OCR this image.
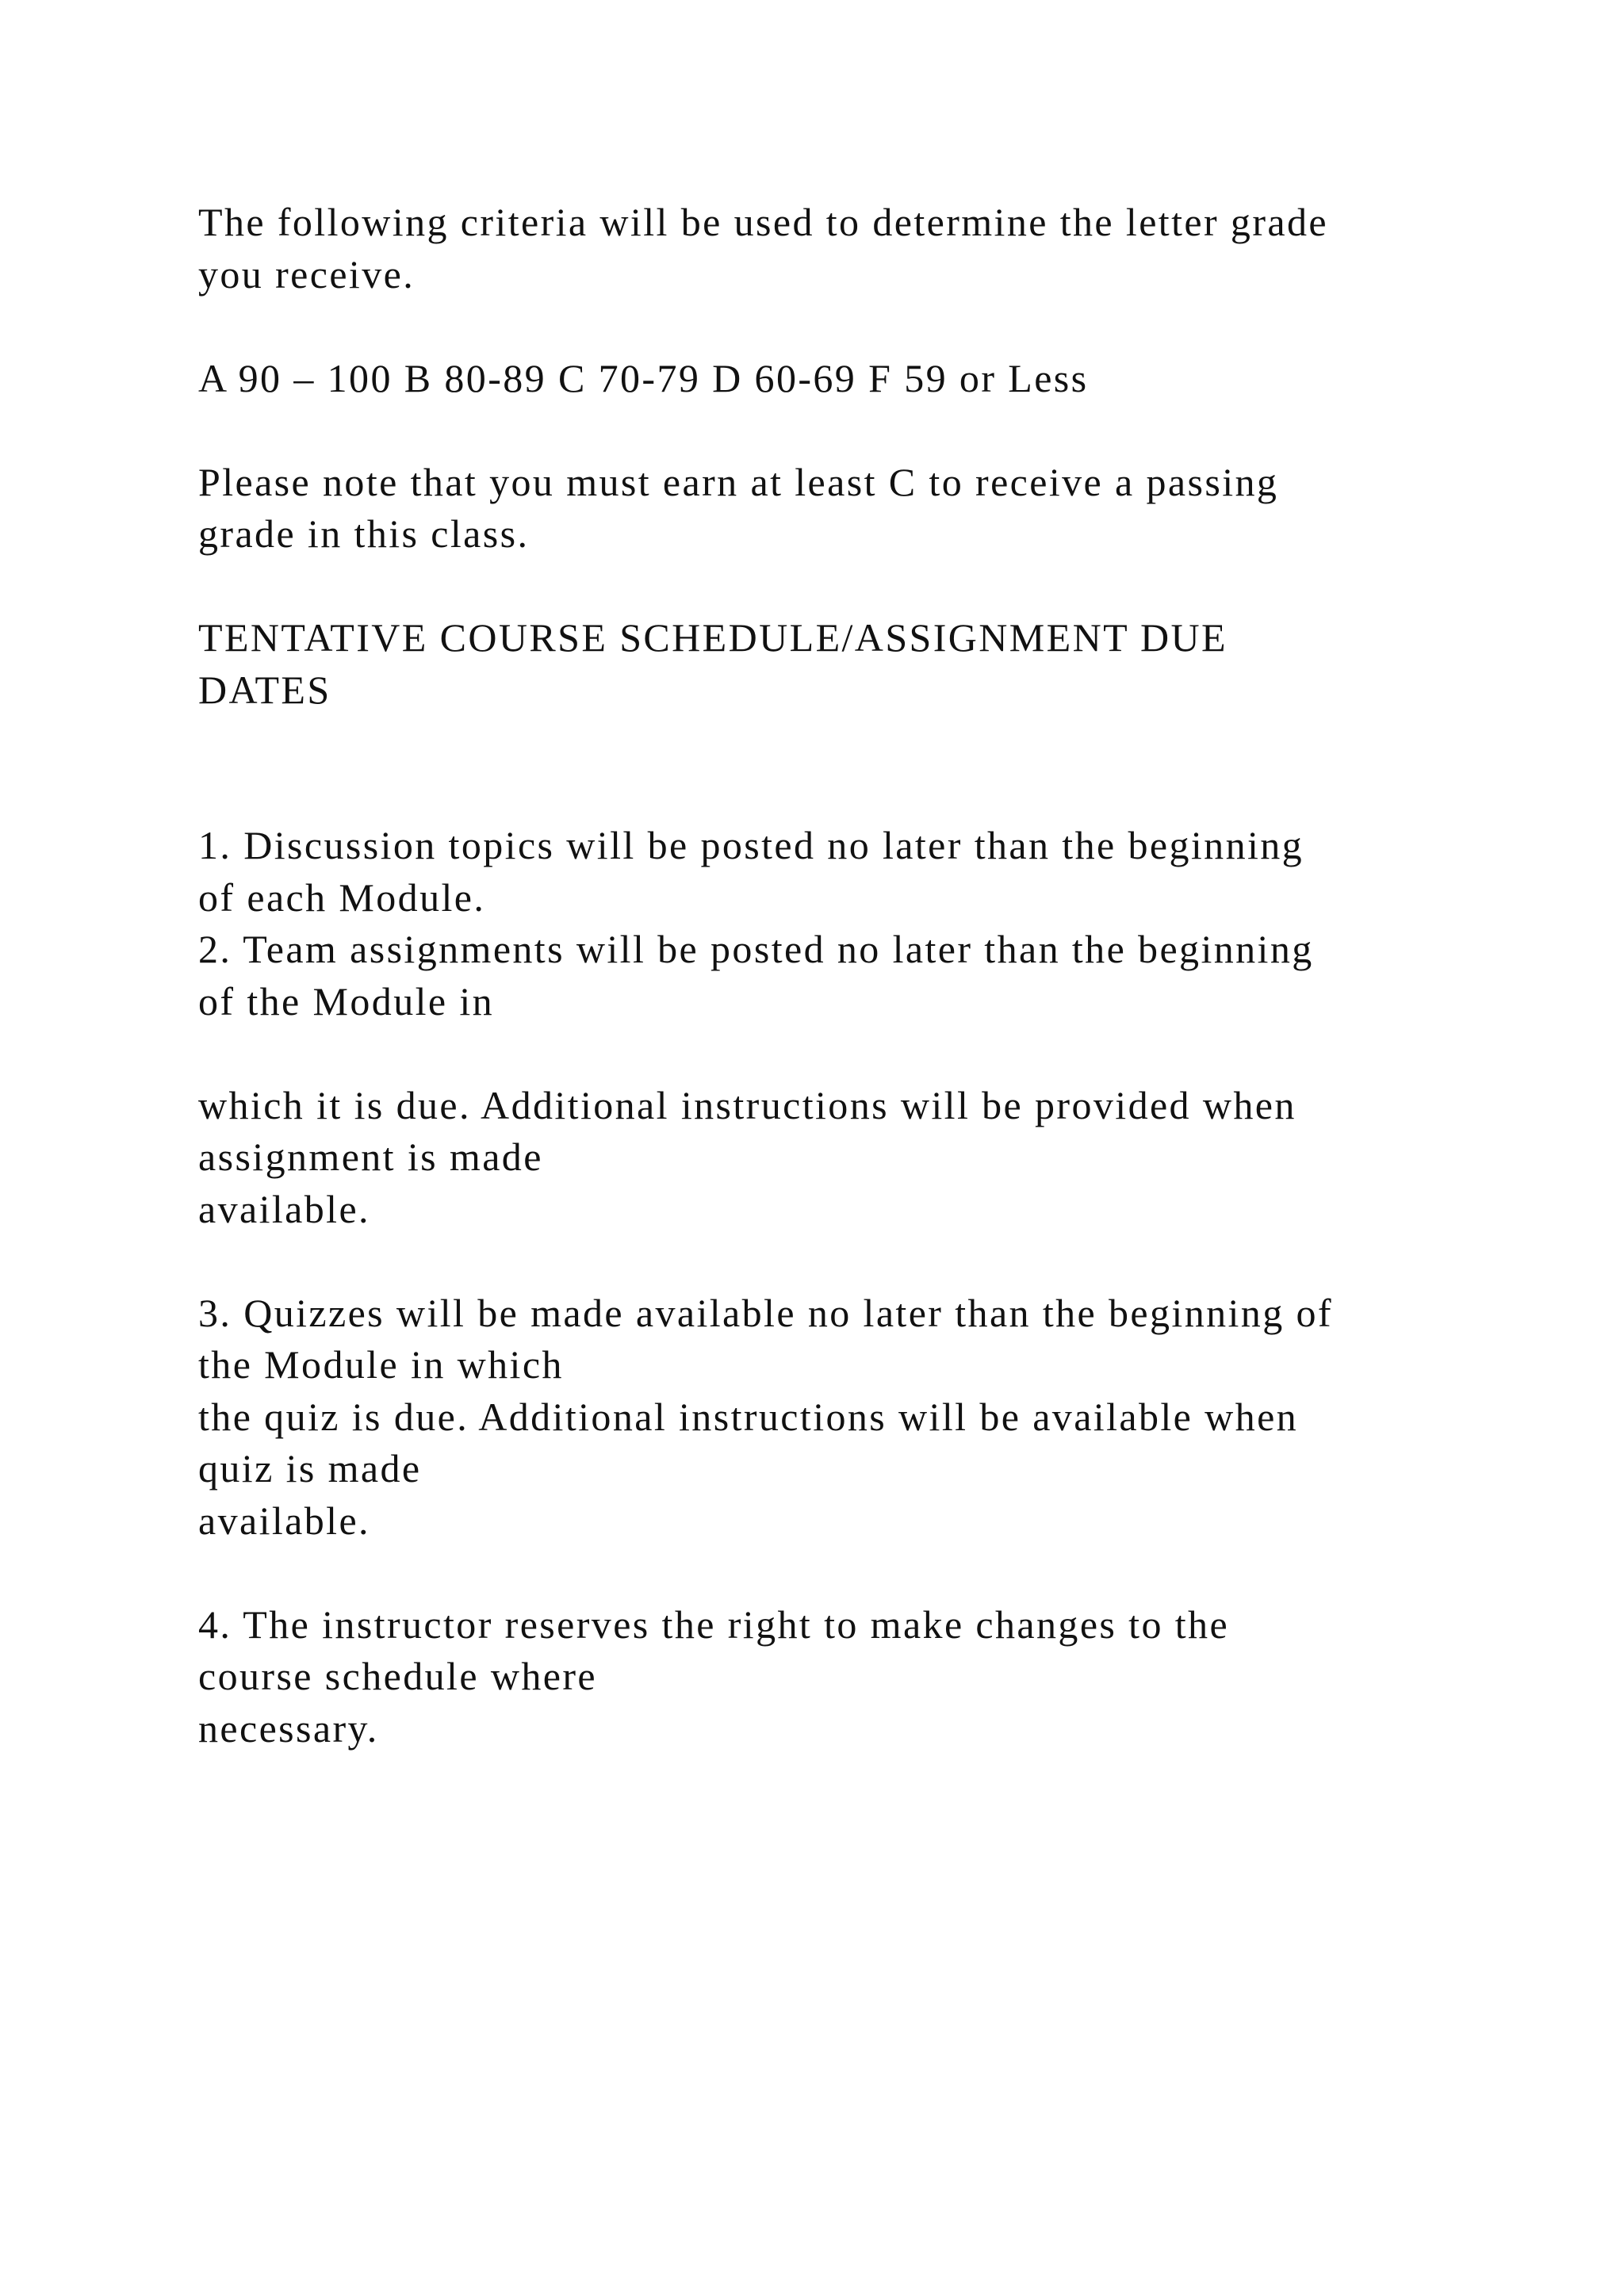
The following criteria will be used to determine the letter grade
you receive.
A 90 – 100 B 80-89 C 70-79 D 60-69 F 59 or Less
Please note that you must earn at least C to receive a passing
grade in this class.
TENTATIVE COURSE SCHEDULE/ASSIGNMENT DUE
DATES
1. Discussion topics will be posted no later than the beginning
of each Module.
2. Team assignments will be posted no later than the beginning
of the Module in
which it is due. Additional instructions will be provided when
assignment is made
available.
3. Quizzes will be made available no later than the beginning of
the Module in which
the quiz is due. Additional instructions will be available when
quiz is made
available.
4. The instructor reserves the right to make changes to the
course schedule where
necessary.
